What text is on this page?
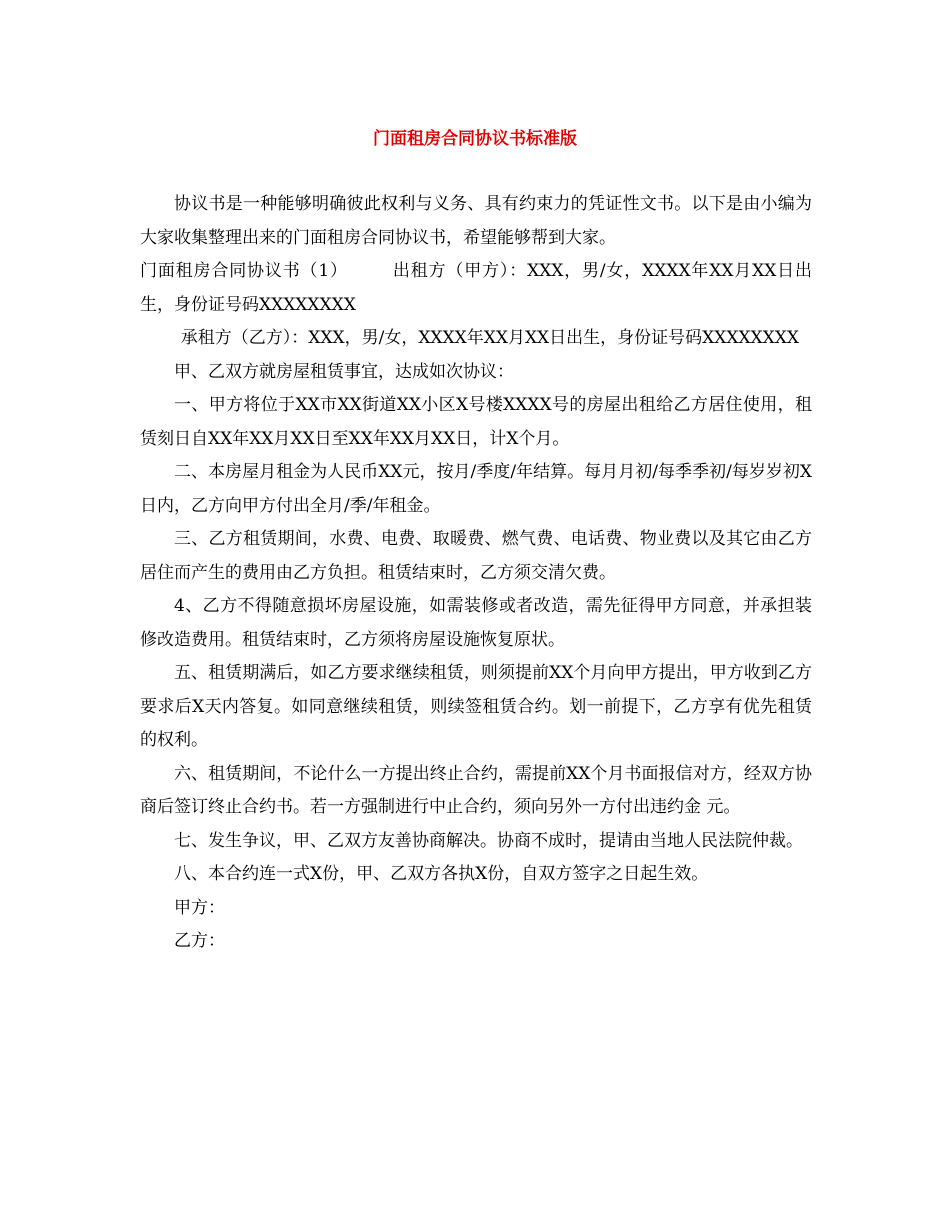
门面租房合同协议书标准版

协议书是一种能够明确彼此权利与义务、具有约束力的凭证性文书。以下是由小编为大家收集整理出来的门面租房合同协议书，希望能够帮到大家。

门面租房合同协议书（1）　　　出租方（甲方）：XXX，男/女，XXXX年XX月XX日出生，身份证号码XXXXXXXX

承租方（乙方）：XXX，男/女，XXXX年XX月XX日出生，身份证号码XXXXXXXX

甲、乙双方就房屋租赁事宜，达成如次协议：

一、甲方将位于XX市XX街道XX小区X号楼XXXX号的房屋出租给乙方居住使用，租赁刻日自XX年XX月XX日至XX年XX月XX日，计X个月。

二、本房屋月租金为人民币XX元，按月/季度/年结算。每月月初/每季季初/每岁岁初X日内，乙方向甲方付出全月/季/年租金。

三、乙方租赁期间，水费、电费、取暖费、燃气费、电话费、物业费以及其它由乙方居住而产生的费用由乙方负担。租赁结束时，乙方须交清欠费。

4、乙方不得随意损坏房屋设施，如需装修或者改造，需先征得甲方同意，并承担装修改造费用。租赁结束时，乙方须将房屋设施恢复原状。

五、租赁期满后，如乙方要求继续租赁，则须提前XX个月向甲方提出，甲方收到乙方要求后X天内答复。如同意继续租赁，则续签租赁合约。划一前提下，乙方享有优先租赁的权利。

六、租赁期间，不论什么一方提出终止合约，需提前XX个月书面报信对方，经双方协商后签订终止合约书。若一方强制进行中止合约，须向另外一方付出违约金 元。

七、发生争议，甲、乙双方友善协商解决。协商不成时，提请由当地人民法院仲裁。

八、本合约连一式X份，甲、乙双方各执X份，自双方签字之日起生效。

甲方：

乙方：
